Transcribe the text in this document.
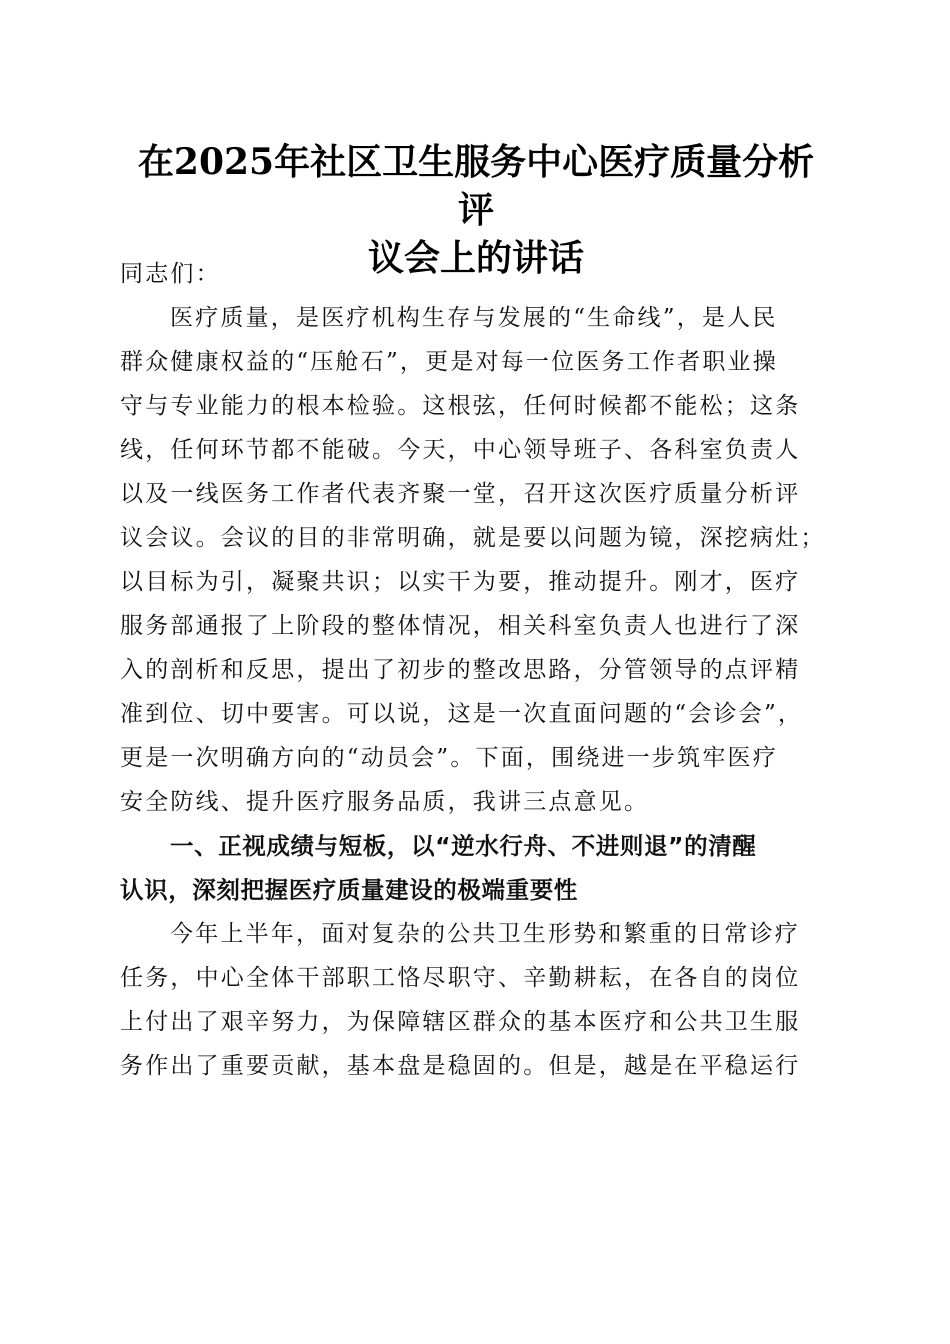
在2025年社区卫生服务中心医疗质量分析评
议会上的讲话

同志们：

医疗质量，是医疗机构生存与发展的“生命线”，是人民
群众健康权益的“压舱石”，更是对每一位医务工作者职业操
守与专业能力的根本检验。这根弦，任何时候都不能松；这条
线，任何环节都不能破。今天，中心领导班子、各科室负责人
以及一线医务工作者代表齐聚一堂，召开这次医疗质量分析评
议会议。会议的目的非常明确，就是要以问题为镜，深挖病灶；
以目标为引，凝聚共识；以实干为要，推动提升。刚才，医疗
服务部通报了上阶段的整体情况，相关科室负责人也进行了深
入的剖析和反思，提出了初步的整改思路，分管领导的点评精
准到位、切中要害。可以说，这是一次直面问题的“会诊会”，
更是一次明确方向的“动员会”。下面，围绕进一步筑牢医疗
安全防线、提升医疗服务品质，我讲三点意见。

一、正视成绩与短板，以“逆水行舟、不进则退”的清醒
认识，深刻把握医疗质量建设的极端重要性

今年上半年，面对复杂的公共卫生形势和繁重的日常诊疗
任务，中心全体干部职工恪尽职守、辛勤耕耘，在各自的岗位
上付出了艰辛努力，为保障辖区群众的基本医疗和公共卫生服
务作出了重要贡献，基本盘是稳固的。但是，越是在平稳运行
